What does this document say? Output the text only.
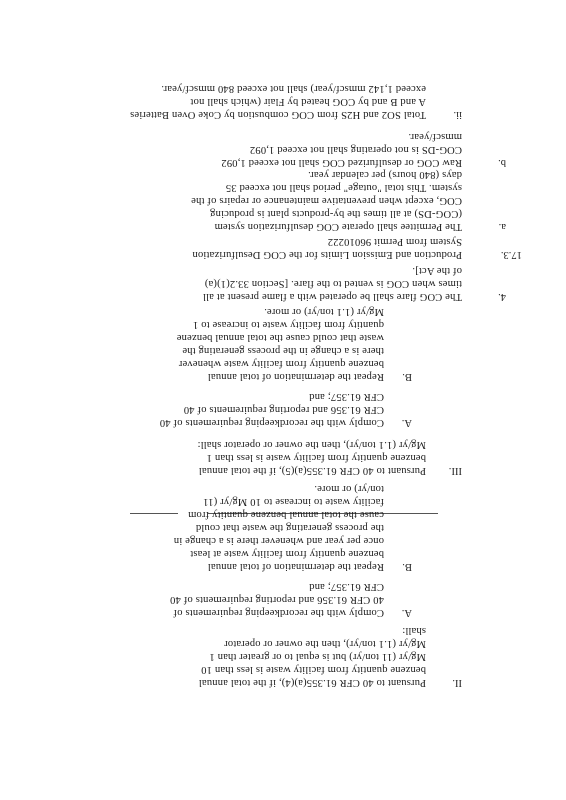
II.
Pursuant to 40 CFR 61.355(a)(4), if the total annual
benzene quantity from facility waste is less than 10
Mg/yr (11 ton/yr) but is equal to or greater than 1
Mg/yr (1.1 ton/yr), then the owner or operator
shall:
A.
Comply with the recordkeeping requirements of
40 CFR 61.356 and reporting requirements of 40
CFR 61.357; and
B.
Repeat the determination of total annual
benzene quantity from facility waste at least
once per year and whenever there is a change in
the process generating the waste that could
cause the total annual benzene quantity from
facility waste to increase to 10 Mg/yr (11
ton/yr) or more.
III.
Pursuant to 40 CFR 61.355(a)(5), if the total annual
benzene quantity from facility waste is less than 1
Mg/yr (1.1 ton/yr), then the owner or operator shall:
A.
Comply with the recordkeeping requirements of 40
CFR 61.356 and reporting requirements of 40
CFR 61.357; and
B.
Repeat the determination of total annual
benzene quantity from facility waste whenever
there is a change in the process generating the
waste that could cause the total annual benzene
quantity from facility waste to increase to 1
Mg/yr (1.1 ton/yr) or more.
4.
The COG flare shall be operated with a flame present at all
times when COG is vented to the flare. [Section 33.2(1)(a)
of the Act].
17.3.
Production and Emission Limits for the COG Desulfurization
System from Permit 96010222
a.
The Permittee shall operate COG desulfurization system
(COG-DS) at all times the by-products plant is producing
COG, except when preventative maintenance or repairs of the
system. This total "outage" period shall not exceed 35
days (840 hours) per calendar year.
b.
Raw COG or desulfurized COG shall not exceed 1,092
COG-DS is not operating shall not exceed 1,092
mmscf/year.
ii.
Total SO2 and H2S from COG combustion by Coke Oven Batteries
A and B and by COG heated by Flair (which shall not
exceed 1,142 mmscf/year) shall not exceed 840 mmscf/year.
